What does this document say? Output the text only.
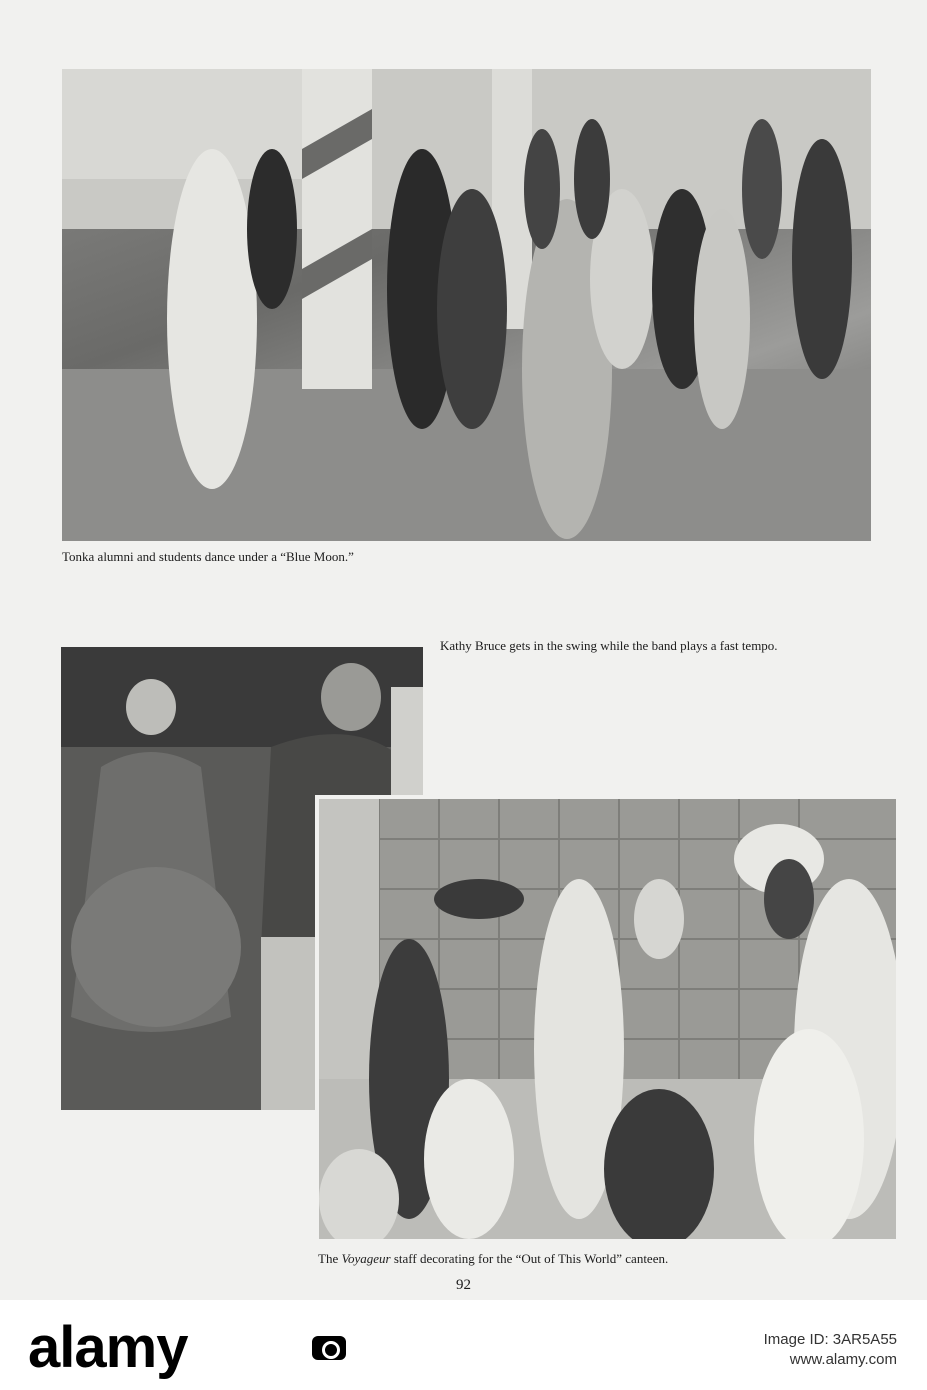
Tonka alumni and students dance under a “Blue Moon.”

Kathy Bruce gets in the swing while the band plays a fast tempo.

The Voyageur staff decorating for the “Out of This World” canteen.

92
alamy	Image ID: 3AR5A55
www.alamy.com
